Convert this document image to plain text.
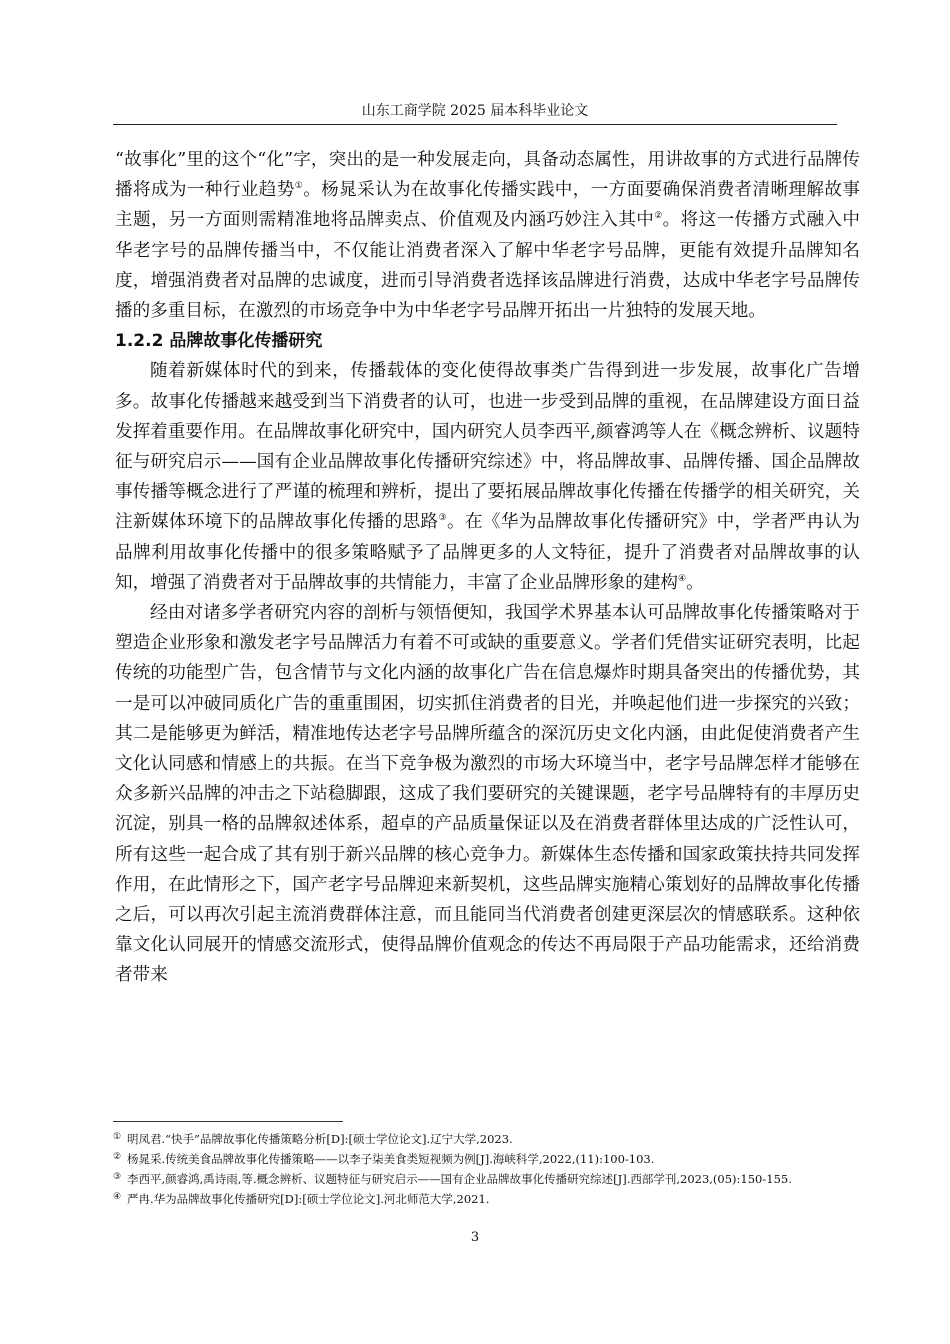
山东工商学院 2025 届本科毕业论文

“故事化”里的这个“化”字，突出的是一种发展走向，具备动态属性，用讲故事的方式进行品牌传播将成为一种行业趋势①。杨晁采认为在故事化传播实践中，一方面要确保消费者清晰理解故事主题，另一方面则需精准地将品牌卖点、价值观及内涵巧妙注入其中②。将这一传播方式融入中华老字号的品牌传播当中，不仅能让消费者深入了解中华老字号品牌，更能有效提升品牌知名度，增强消费者对品牌的忠诚度，进而引导消费者选择该品牌进行消费，达成中华老字号品牌传播的多重目标，在激烈的市场竞争中为中华老字号品牌开拓出一片独特的发展天地。

1.2.2 品牌故事化传播研究

随着新媒体时代的到来，传播载体的变化使得故事类广告得到进一步发展，故事化广告增多。故事化传播越来越受到当下消费者的认可，也进一步受到品牌的重视，在品牌建设方面日益发挥着重要作用。在品牌故事化研究中，国内研究人员李西平,颜睿鸿等人在《概念辨析、议题特征与研究启示——国有企业品牌故事化传播研究综述》中，将品牌故事、品牌传播、国企品牌故事传播等概念进行了严谨的梳理和辨析，提出了要拓展品牌故事化传播在传播学的相关研究，关注新媒体环境下的品牌故事化传播的思路③。在《华为品牌故事化传播研究》中，学者严冉认为品牌利用故事化传播中的很多策略赋予了品牌更多的人文特征，提升了消费者对品牌故事的认知，增强了消费者对于品牌故事的共情能力，丰富了企业品牌形象的建构④。

经由对诸多学者研究内容的剖析与领悟便知，我国学术界基本认可品牌故事化传播策略对于塑造企业形象和激发老字号品牌活力有着不可或缺的重要意义。学者们凭借实证研究表明，比起传统的功能型广告，包含情节与文化内涵的故事化广告在信息爆炸时期具备突出的传播优势，其一是可以冲破同质化广告的重重围困，切实抓住消费者的目光，并唤起他们进一步探究的兴致；其二是能够更为鲜活，精准地传达老字号品牌所蕴含的深沉历史文化内涵，由此促使消费者产生文化认同感和情感上的共振。在当下竞争极为激烈的市场大环境当中，老字号品牌怎样才能够在众多新兴品牌的冲击之下站稳脚跟，这成了我们要研究的关键课题，老字号品牌特有的丰厚历史沉淀，别具一格的品牌叙述体系，超卓的产品质量保证以及在消费者群体里达成的广泛性认可，所有这些一起合成了其有别于新兴品牌的核心竞争力。新媒体生态传播和国家政策扶持共同发挥作用，在此情形之下，国产老字号品牌迎来新契机，这些品牌实施精心策划好的品牌故事化传播之后，可以再次引起主流消费群体注意，而且能同当代消费者创建更深层次的情感联系。这种依靠文化认同展开的情感交流形式，使得品牌价值观念的传达不再局限于产品功能需求，还给消费者带来

① 明凤君.“快手”品牌故事化传播策略分析[D]:[硕士学位论文].辽宁大学,2023.
② 杨晁采.传统美食品牌故事化传播策略——以李子柒美食类短视频为例[J].海峡科学,2022,(11):100-103.
③ 李西平,颜睿鸿,禹诗雨,等.概念辨析、议题特征与研究启示——国有企业品牌故事化传播研究综述[J].西部学刊,2023,(05):150-155.
④ 严冉.华为品牌故事化传播研究[D]:[硕士学位论文].河北师范大学,2021.
3
